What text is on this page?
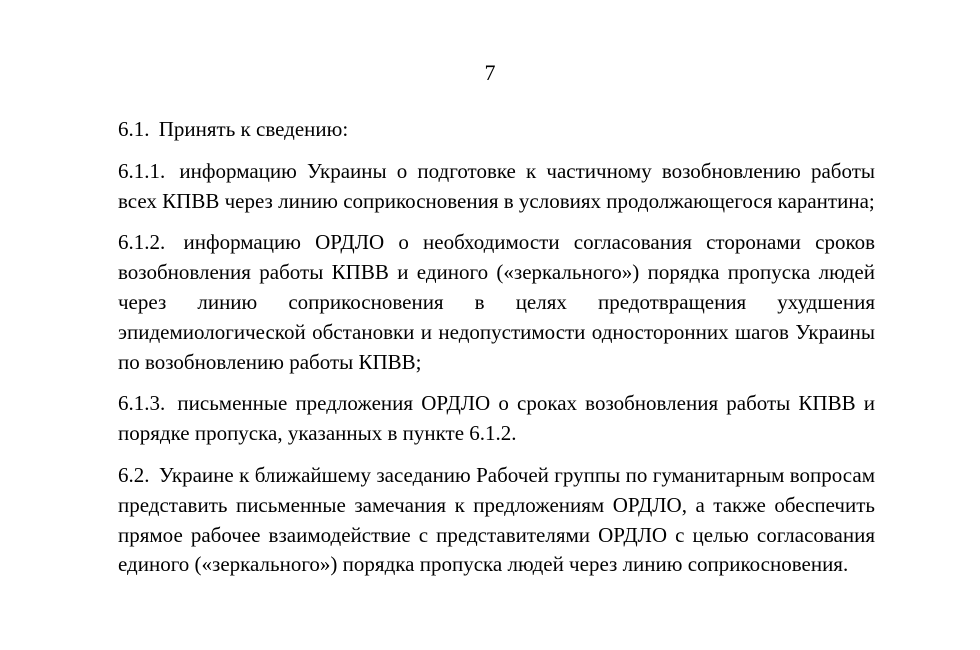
7

6.1. Принять к сведению:

6.1.1. информацию Украины о подготовке к частичному возобновлению работы всех КПВВ через линию соприкосновения в условиях продолжающегося карантина;

6.1.2. информацию ОРДЛО о необходимости согласования сторонами сроков возобновления работы КПВВ и единого («зеркального») порядка пропуска людей через линию соприкосновения в целях предотвращения ухудшения эпидемиологической обстановки и недопустимости односторонних шагов Украины по возобновлению работы КПВВ;

6.1.3. письменные предложения ОРДЛО о сроках возобновления работы КПВВ и порядке пропуска, указанных в пункте 6.1.2.

6.2. Украине к ближайшему заседанию Рабочей группы по гуманитарным вопросам представить письменные замечания к предложениям ОРДЛО, а также обеспечить прямое рабочее взаимодействие с представителями ОРДЛО с целью согласования единого («зеркального») порядка пропуска людей через линию соприкосновения.
